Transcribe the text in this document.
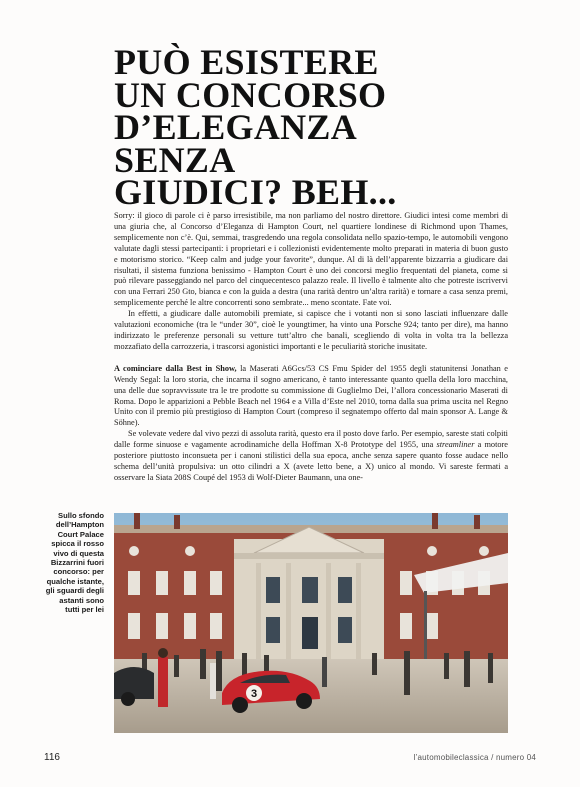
PUÒ ESISTERE
UN CONCORSO
D’ELEGANZA
SENZA
GIUDICI? BEH...

Sorry: il gioco di parole ci è parso irresistibile, ma non parliamo del nostro direttore. Giudici intesi come membri di una giuria che, al Concorso d’Eleganza di Hampton Court, nel quartiere londinese di Richmond upon Thames, semplicemente non c’è. Qui, semmai, trasgredendo una regola consolidata nello spazio-tempo, le automobili vengono valutate dagli stessi partecipanti: i proprietari e i collezionisti evidentemente molto preparati in materia di buon gusto e motorismo storico. “Keep calm and judge your favorite”, dunque. Al di là dell’apparente bizzarria a giudicare dai risultati, il sistema funziona benissimo - Hampton Court è uno dei concorsi meglio frequentati del pianeta, come si può rilevare passeggiando nel parco del cinquecentesco palazzo reale. Il livello è talmente alto che potreste iscrivervi con una Ferrari 250 Gto, bianca e con la guida a destra (una rarità dentro un’altra rarità) e tornare a casa senza premi, semplicemente perché le altre concorrenti sono sembrate... meno scontate. Fate voi.

In effetti, a giudicare dalle automobili premiate, si capisce che i votanti non si sono lasciati influenzare dalle valutazioni economiche (tra le “under 30”, cioè le youngtimer, ha vinto una Porsche 924; tanto per dire), ma hanno indirizzato le preferenze personali su vetture tutt’altro che banali, scegliendo di volta in volta tra la bellezza mozzafiato della carrozzeria, i trascorsi agonistici importanti e le peculiarità storiche inusitate.

A cominciare dalla Best in Show, la Maserati A6Gcs/53 CS Fmu Spider del 1955 degli statunitensi Jonathan e Wendy Segal: la loro storia, che incarna il sogno americano, è tanto interessante quanto quella della loro macchina, una delle due sopravvissute tra le tre prodotte su commissione di Guglielmo Dei, l’allora concessionario Maserati di Roma. Dopo le apparizioni a Pebble Beach nel 1964 e a Villa d’Este nel 2010, torna dalla sua prima uscita nel Regno Unito con il premio più prestigioso di Hampton Court (compreso il segnatempo offerto dal main sponsor A. Lange & Söhne).

Se volevate vedere dal vivo pezzi di assoluta rarità, questo era il posto dove farlo. Per esempio, sareste stati colpiti dalle forme sinuose e vagamente acrodinamiche della Hoffman X-8 Prototype del 1955, una streamliner a motore posteriore piuttosto inconsueta per i canoni stilistici della sua epoca, anche senza sapere quanto fosse audace nello schema dell’unità propulsiva: un otto cilindri a X (avete letto bene, a X) unico al mondo. Vi sareste fermati a osservare la Siata 208S Coupé del 1953 di Wolf-Dieter Baumann, una one-

Sullo sfondo dell’Hampton Court Palace spicca il rosso vivo di questa Bizzarrini fuori concorso: per qualche istante, gli sguardi degli astanti sono tutti per lei
3
116	l’automobileclassica / numero 04
